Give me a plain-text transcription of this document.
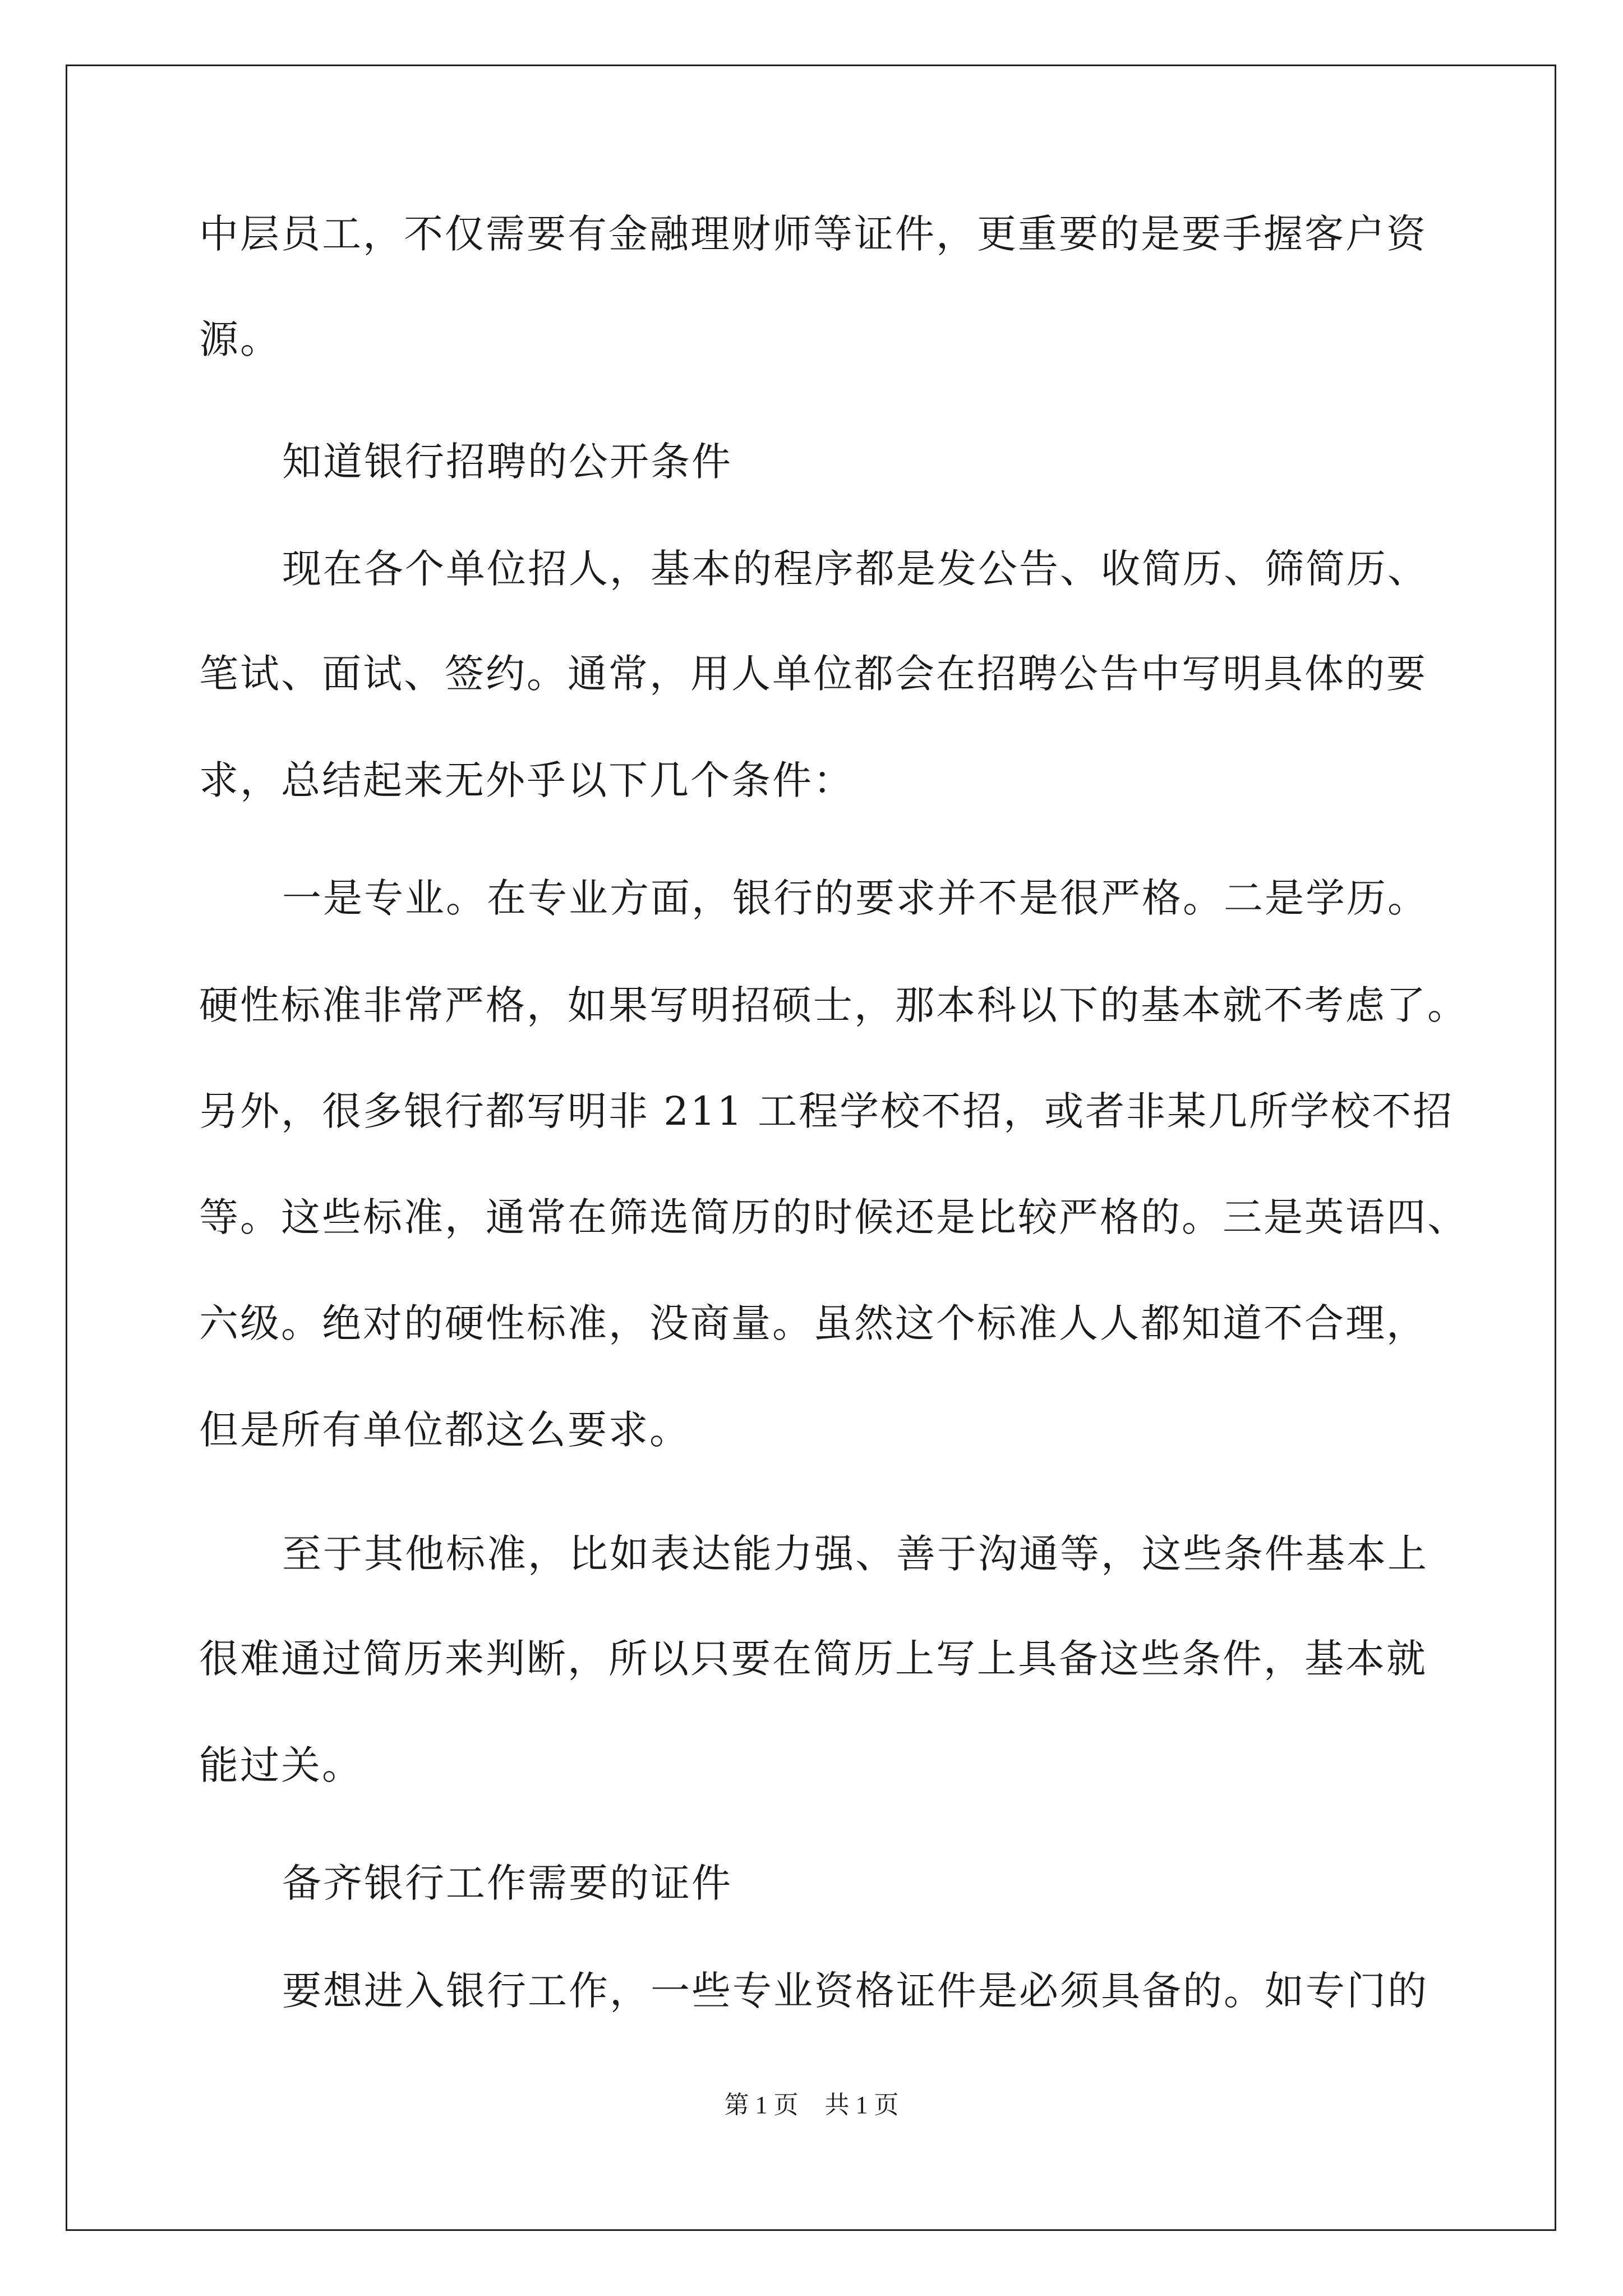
中层员工，不仅需要有金融理财师等证件，更重要的是要手握客户资
源。
知道银行招聘的公开条件
现在各个单位招人，基本的程序都是发公告、收简历、筛简历、
笔试、面试、签约。通常，用人单位都会在招聘公告中写明具体的要
求，总结起来无外乎以下几个条件：
一是专业。在专业方面，银行的要求并不是很严格。二是学历。
硬性标准非常严格，如果写明招硕士，那本科以下的基本就不考虑了。
另外，很多银行都写明非 211 工程学校不招，或者非某几所学校不招
等。这些标准，通常在筛选简历的时候还是比较严格的。三是英语四、
六级。绝对的硬性标准，没商量。虽然这个标准人人都知道不合理，
但是所有单位都这么要求。
至于其他标准，比如表达能力强、善于沟通等，这些条件基本上
很难通过简历来判断，所以只要在简历上写上具备这些条件，基本就
能过关。
备齐银行工作需要的证件
要想进入银行工作，一些专业资格证件是必须具备的。如专门的
第 1 页 共 1 页
